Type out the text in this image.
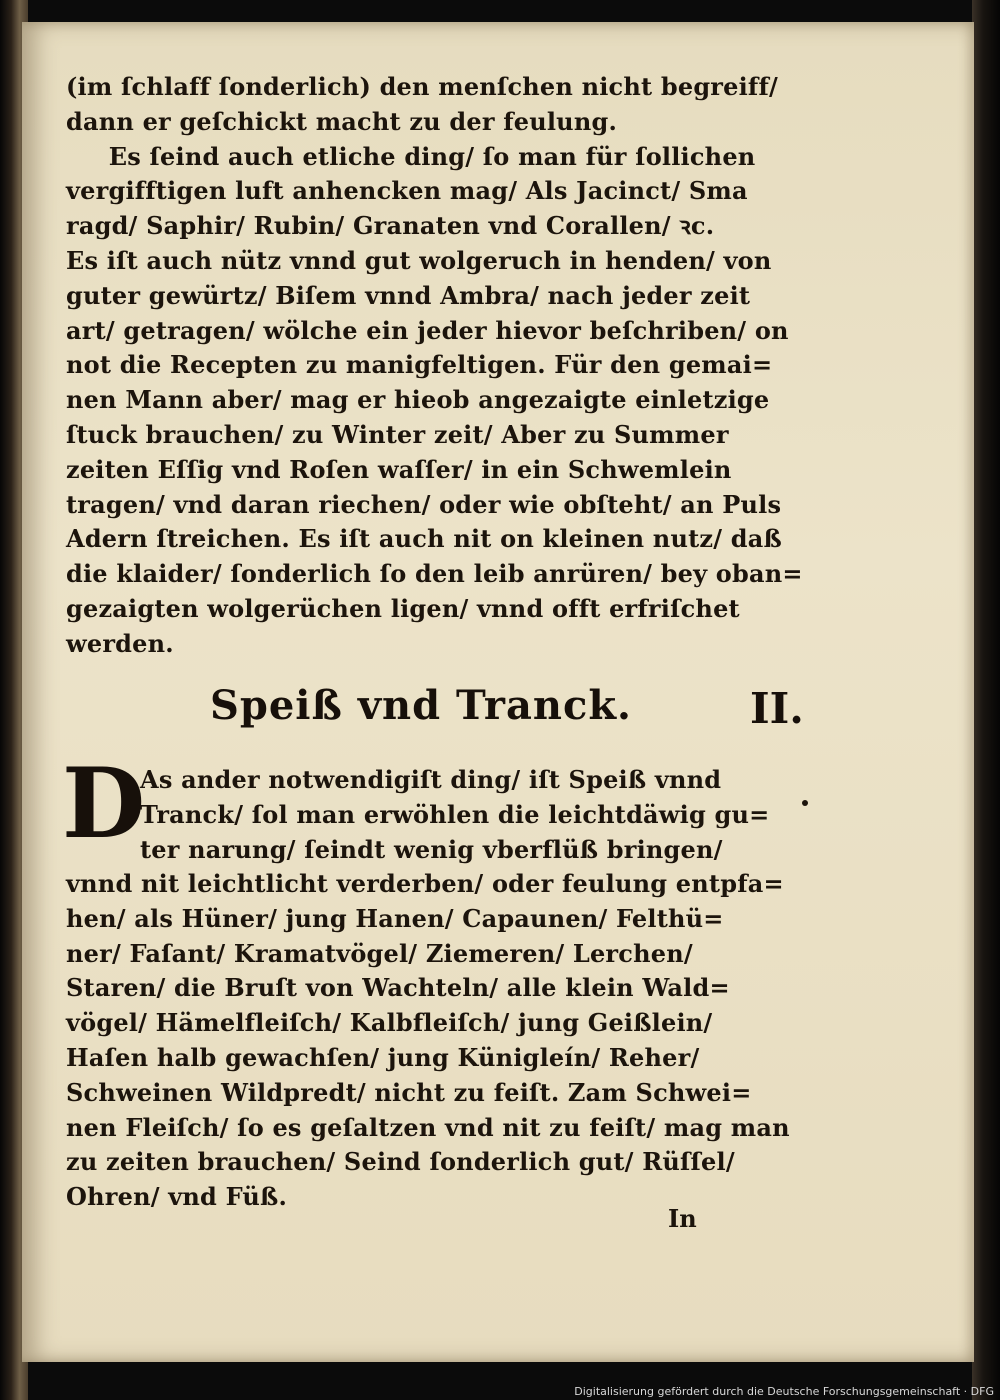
(im ſchlaff ſonderlich) den menſchen nicht begreiff/
dann er geſchickt macht zu der feulung.
Es ſeind auch etliche ding/ ſo man für ſollichen
vergifftigen luft anhencken mag/ Als Jacinct/ Sma
ragd/ Saphir/ Rubin/ Granaten vnd Corallen/ ꝛc.
Es iſt auch nütz vnnd gut wolgeruch in henden/ von
guter gewürtz/ Biſem vnnd Ambra/ nach jeder zeit
art/ getragen/ wölche ein jeder hievor beſchriben/ on
not die Recepten zu manigfeltigen. Für den gemai=
nen Mann aber/ mag er hieob angezaigte einletzige
ſtuck brauchen/ zu Winter zeit/ Aber zu Summer
zeiten Eſſig vnd Roſen waſſer/ in ein Schwemlein
tragen/ vnd daran riechen/ oder wie obſteht/ an Puls
Adern ſtreichen. Es iſt auch nit on kleinen nutz/ daß
die klaider/ ſonderlich ſo den leib anrüren/ bey oban=
gezaigten wolgerüchen ligen/ vnnd offt erfriſchet
werden.
Speiß vnd Tranck.	II.
D
As ander notwendigiſt ding/ iſt Speiß vnnd
Tranck/ ſol man erwöhlen die leichtdäwig gu=
ter narung/ ſeindt wenig vberflüß bringen/
vnnd nit leichtlicht verderben/ oder feulung entpfa=
hen/ als Hüner/ jung Hanen/ Capaunen/ Felthü=
ner/ Faſant/ Kramatvögel/ Ziemeren/ Lerchen/
Staren/ die Bruſt von Wachteln/ alle klein Wald=
vögel/ Hämelfleiſch/ Kalbfleiſch/ jung Geißlein/
Haſen halb gewachſen/ jung Künigleín/ Reher/
Schweinen Wildpredt/ nicht zu feiſt. Zam Schwei=
nen Fleiſch/ ſo es geſaltzen vnd nit zu feiſt/ mag man
zu zeiten brauchen/ Seind ſonderlich gut/ Rüſſel/
Ohren/ vnd Füß.
In
Digitalisierung gefördert durch die Deutsche Forschungsgemeinschaft · DFG
